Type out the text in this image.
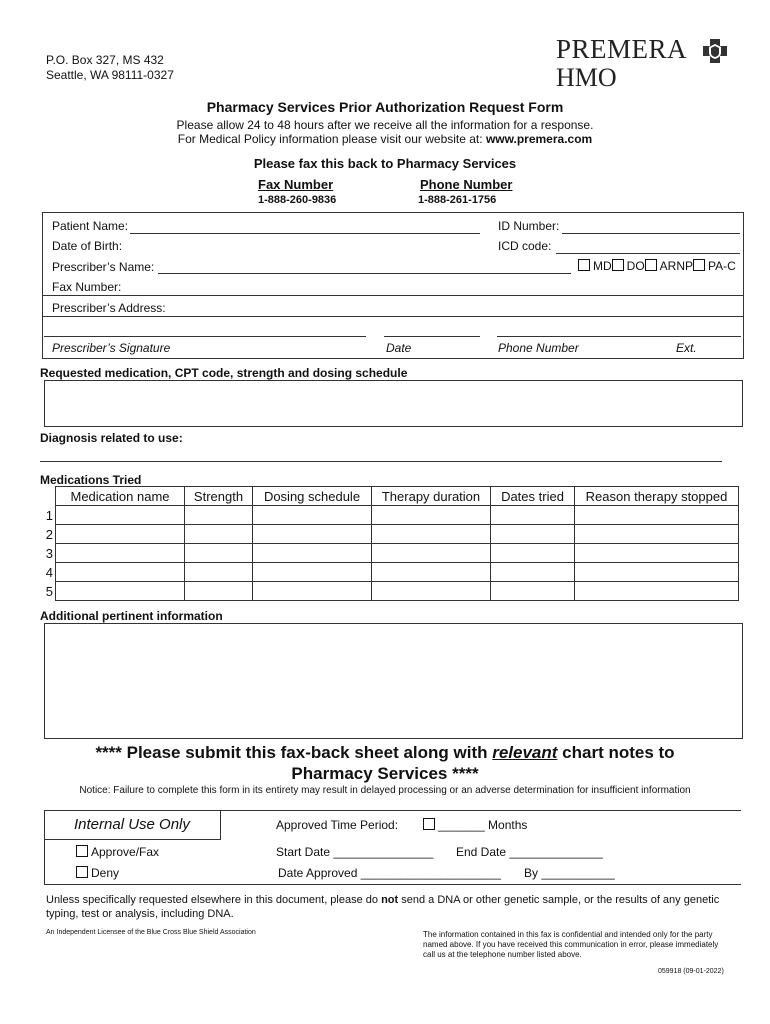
P.O. Box 327, MS 432
Seattle, WA 98111-0327
PREMERA
HMO
Pharmacy Services Prior Authorization Request Form
Please allow 24 to 48 hours after we receive all the information for a response.
For Medical Policy information please visit our website at: www.premera.com
Please fax this back to Pharmacy Services
Fax Number
1-888-260-9836
Phone Number
1-888-261-1756
Patient Name:	ID Number:
Date of Birth:	ICD code:
Prescriber’s Name:	MD DO ARNP PA-C
Fax Number:
Prescriber’s Address:
Prescriber’s Signature	Date	Phone Number	Ext.
Requested medication, CPT code, strength and dosing schedule
Diagnosis related to use:
Medications Tried
	Medication name	Strength	Dosing schedule	Therapy duration	Dates tried	Reason therapy stopped
1						
2						
3						
4						
5						
Additional pertinent information
**** Please submit this fax-back sheet along with relevant chart notes to
Pharmacy Services ****
Notice: Failure to complete this form in its entirety may result in delayed processing or an adverse determination for insufficient information
Internal Use Only
Approve/Fax
Deny
Approved Time Period:	_______ Months
Start Date _______________ End Date ______________
Date Approved _____________________ By ___________
Unless specifically requested elsewhere in this document, please do not send a DNA or other genetic sample, or the results of any genetic typing, test or analysis, including DNA.
An Independent Licensee of the Blue Cross Blue Shield Association	The information contained in this fax is confidential and intended only for the party named above. If you have received this communication in error, please immediately call us at the telephone number listed above.
059918 (09-01-2022)
